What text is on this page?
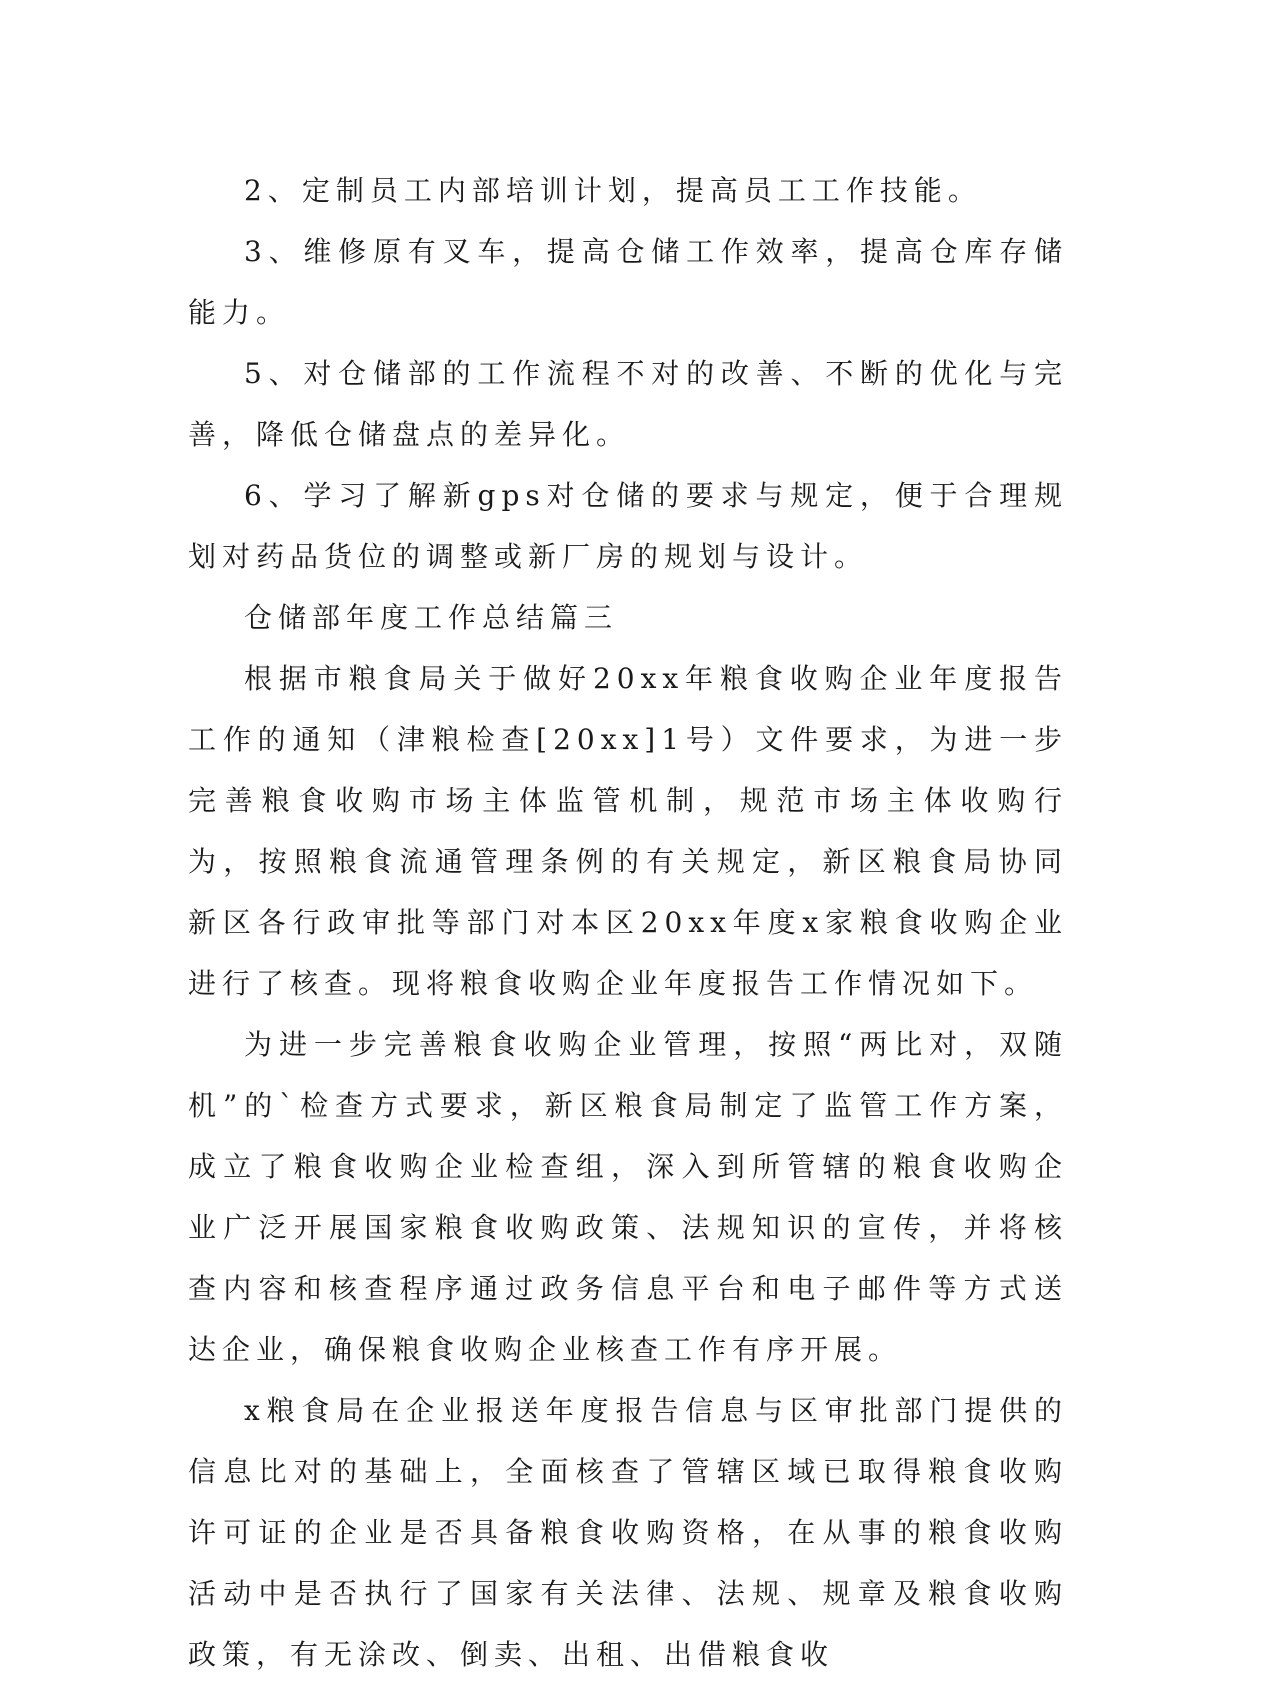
2、定制员工内部培训计划，提高员工工作技能。

3、维修原有叉车，提高仓储工作效率，提高仓库存储能力。

5、对仓储部的工作流程不对的改善、不断的优化与完善，降低仓储盘点的差异化。

6、学习了解新gps对仓储的要求与规定，便于合理规划对药品货位的调整或新厂房的规划与设计。

仓储部年度工作总结篇三

根据市粮食局关于做好20xx年粮食收购企业年度报告工作的通知（津粮检查[20xx]1号）文件要求，为进一步完善粮食收购市场主体监管机制，规范市场主体收购行为，按照粮食流通管理条例的有关规定，新区粮食局协同新区各行政审批等部门对本区20xx年度x家粮食收购企业进行了核查。现将粮食收购企业年度报告工作情况如下。

为进一步完善粮食收购企业管理，按照“两比对，双随机”的`检查方式要求，新区粮食局制定了监管工作方案，成立了粮食收购企业检查组，深入到所管辖的粮食收购企业广泛开展国家粮食收购政策、法规知识的宣传，并将核查内容和核查程序通过政务信息平台和电子邮件等方式送达企业，确保粮食收购企业核查工作有序开展。

x粮食局在企业报送年度报告信息与区审批部门提供的信息比对的基础上，全面核查了管辖区域已取得粮食收购许可证的企业是否具备粮食收购资格，在从事的粮食收购活动中是否执行了国家有关法律、法规、规章及粮食收购政策，有无涂改、倒卖、出租、出借粮食收
